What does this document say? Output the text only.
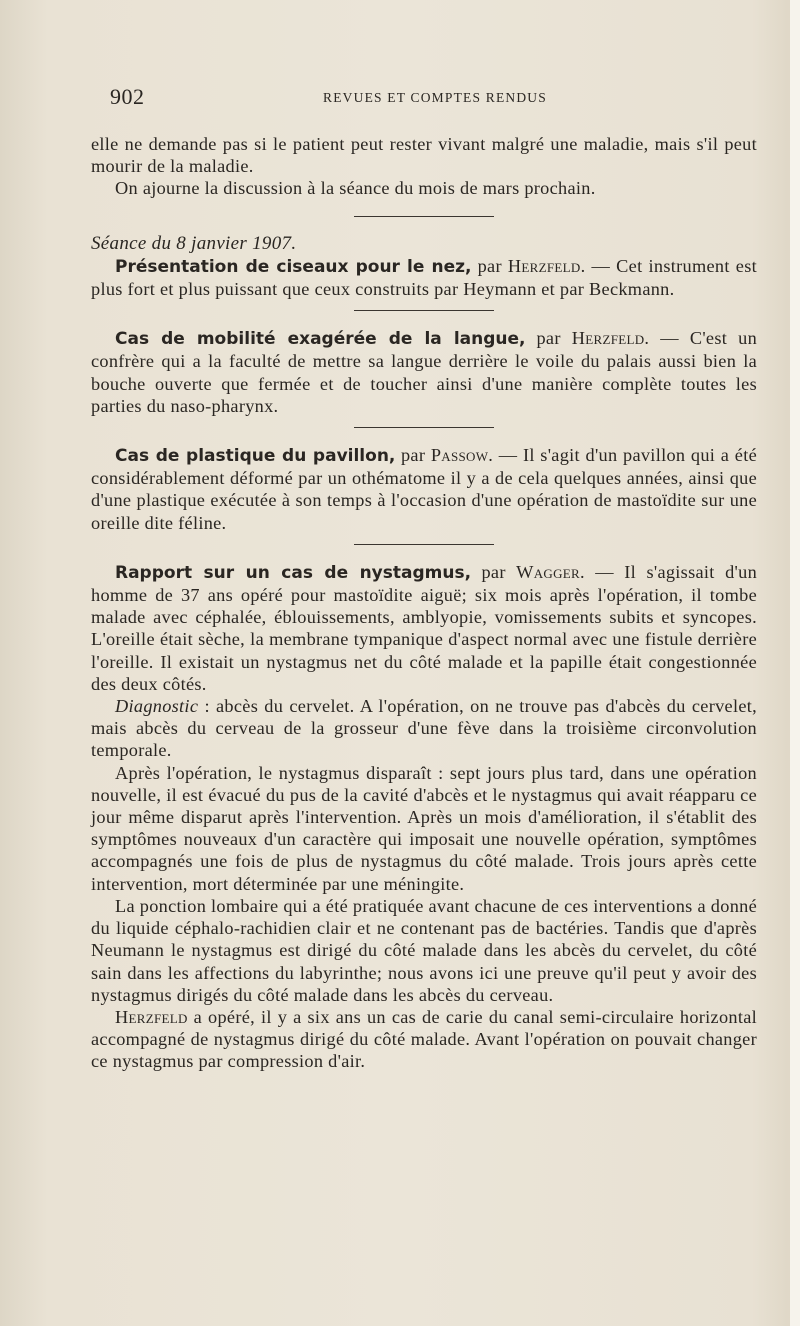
902	REVUES ET COMPTES RENDUS

elle ne demande pas si le patient peut rester vivant malgré une maladie, mais s'il peut mourir de la maladie.

On ajourne la discussion à la séance du mois de mars prochain.

Séance du 8 janvier 1907.

Présentation de ciseaux pour le nez, par Herzfeld. — Cet instrument est plus fort et plus puissant que ceux construits par Heymann et par Beckmann.

Cas de mobilité exagérée de la langue, par Herzfeld. — C'est un confrère qui a la faculté de mettre sa langue derrière le voile du palais aussi bien la bouche ouverte que fermée et de toucher ainsi d'une manière complète toutes les parties du naso-pharynx.

Cas de plastique du pavillon, par Passow. — Il s'agit d'un pavillon qui a été considérablement déformé par un othématome il y a de cela quelques années, ainsi que d'une plastique exécutée à son temps à l'occasion d'une opération de mastoïdite sur une oreille dite féline.

Rapport sur un cas de nystagmus, par Wagger. — Il s'agissait d'un homme de 37 ans opéré pour mastoïdite aiguë; six mois après l'opération, il tombe malade avec céphalée, éblouissements, amblyopie, vomissements subits et syncopes. L'oreille était sèche, la membrane tympanique d'aspect normal avec une fistule derrière l'oreille. Il existait un nystagmus net du côté malade et la papille était congestionnée des deux côtés.

Diagnostic : abcès du cervelet. A l'opération, on ne trouve pas d'abcès du cervelet, mais abcès du cerveau de la grosseur d'une fève dans la troisième circonvolution temporale.

Après l'opération, le nystagmus disparaît : sept jours plus tard, dans une opération nouvelle, il est évacué du pus de la cavité d'abcès et le nystagmus qui avait réapparu ce jour même disparut après l'intervention. Après un mois d'amélioration, il s'établit des symptômes nouveaux d'un caractère qui imposait une nouvelle opération, symptômes accompagnés une fois de plus de nystagmus du côté malade. Trois jours après cette intervention, mort déterminée par une méningite.

La ponction lombaire qui a été pratiquée avant chacune de ces interventions a donné du liquide céphalo-rachidien clair et ne contenant pas de bactéries. Tandis que d'après Neumann le nystagmus est dirigé du côté malade dans les abcès du cervelet, du côté sain dans les affections du labyrinthe; nous avons ici une preuve qu'il peut y avoir des nystagmus dirigés du côté malade dans les abcès du cerveau.

Herzfeld a opéré, il y a six ans un cas de carie du canal semi-circulaire horizontal accompagné de nystagmus dirigé du côté malade. Avant l'opération on pouvait changer ce nystagmus par compression d'air.
